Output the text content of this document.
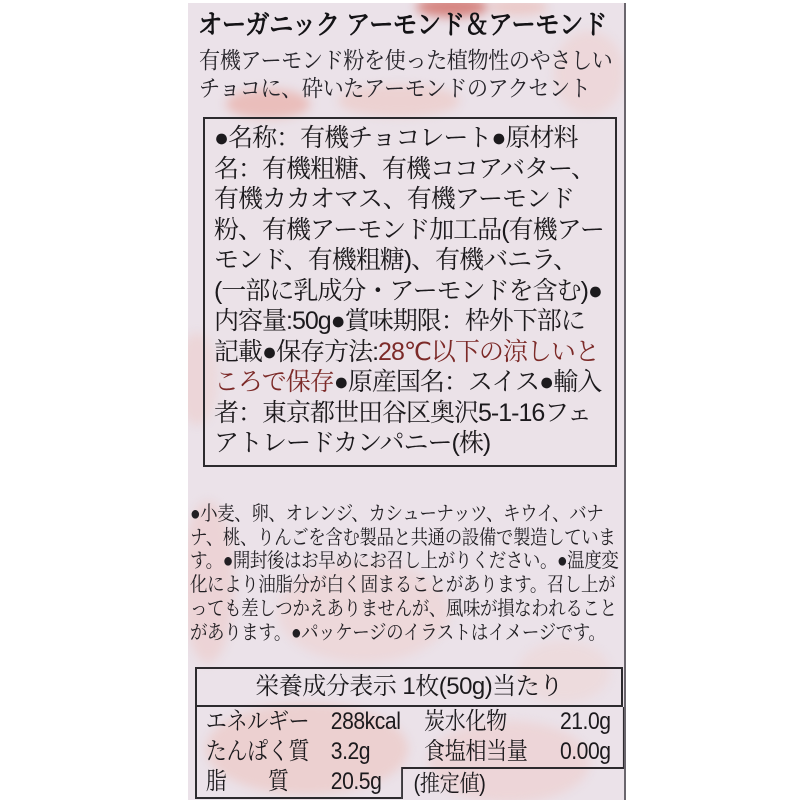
オーガニック アーモンド＆アーモンド
有機アーモンド粉を使った植物性のやさしいチョコに、砕いたアーモンドのアクセント
●名称：有機チョコレート●原材料名：有機粗糖、有機ココアバター、有機カカオマス、有機アーモンド粉、有機アーモンド加工品(有機アーモンド、有機粗糖)、有機バニラ、(一部に乳成分・アーモンドを含む)●内容量:50g●賞味期限：枠外下部に記載●保存方法:28℃以下の涼しいところで保存●原産国名：スイス●輸入者：東京都世田谷区奥沢5-1-16フェアトレードカンパニー(株)
●小麦、卵、オレンジ、カシューナッツ、キウイ、バナナ、桃、りんごを含む製品と共通の設備で製造しています。●開封後はお早めにお召し上がりください。●温度変化により油脂分が白く固まることがあります。召し上がっても差しつかえありませんが、風味が損なわれることがあります。●パッケージのイラストはイメージです。
栄養成分表示 1枚(50g)当たり
エネルギー 288kcal
たんぱく質 3.2g
脂　　質	20.5g
炭水化物 21.0g
食塩相当量 0.00g
(推定値)
